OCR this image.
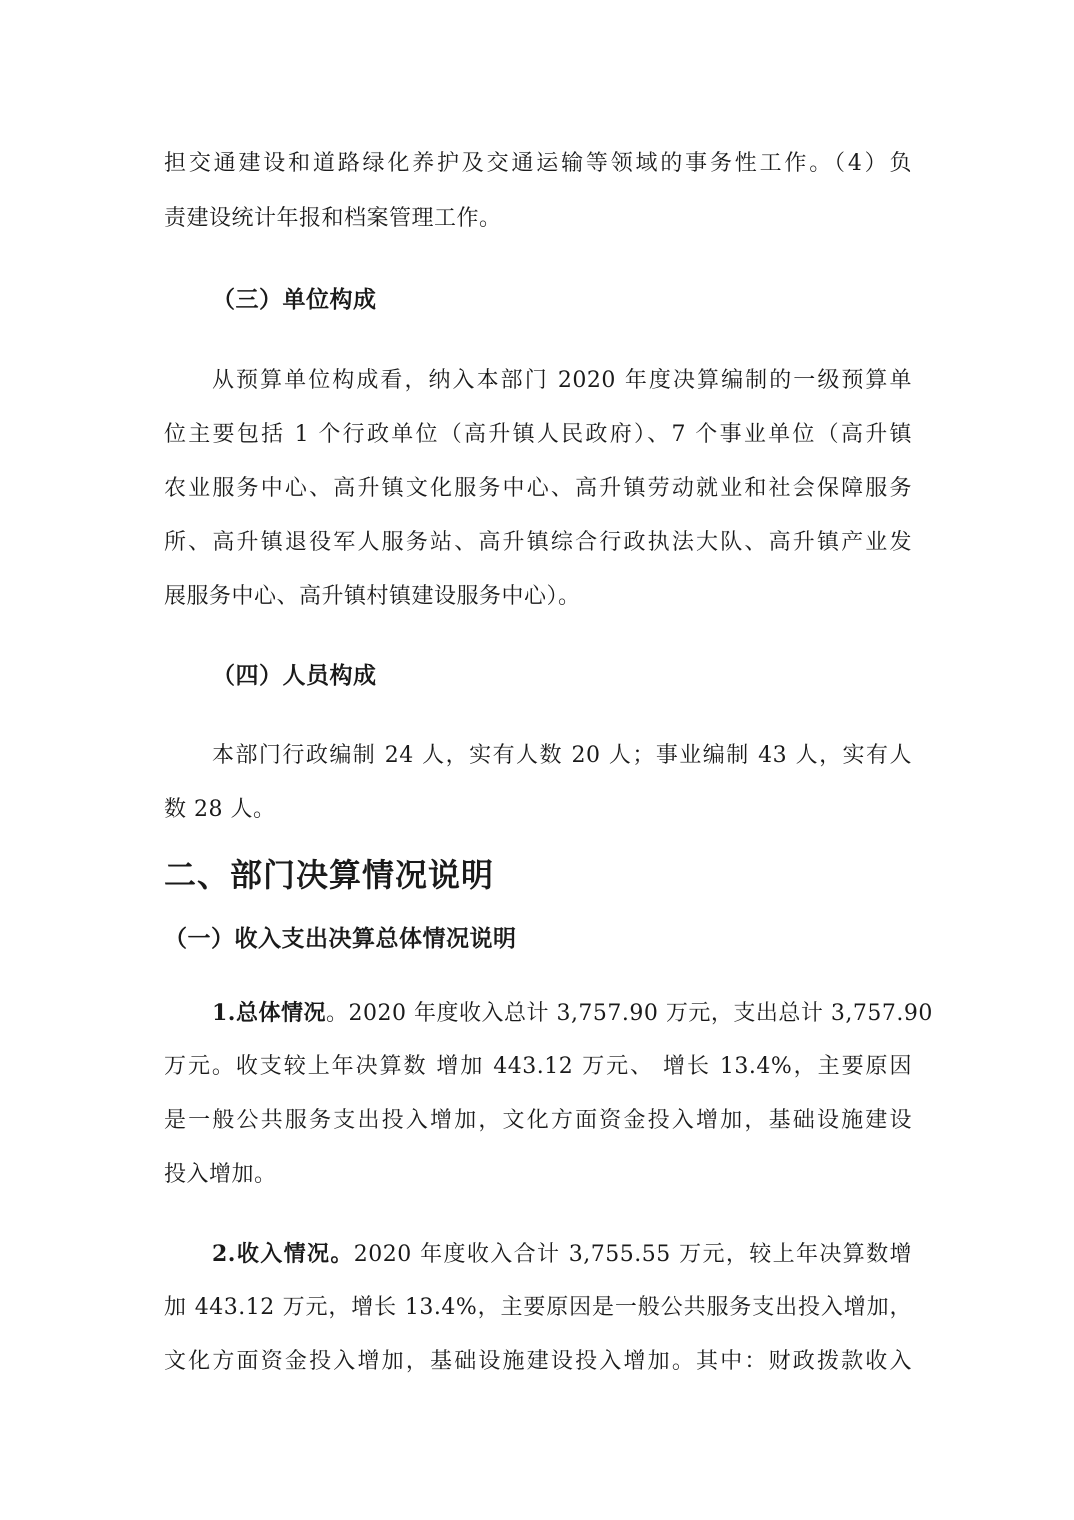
担交通建设和道路绿化养护及交通运输等领域的事务性工作。（4）负
责建设统计年报和档案管理工作。
（三）单位构成
从预算单位构成看，纳入本部门 2020 年度决算编制的一级预算单
位主要包括 1 个行政单位（高升镇人民政府）、7 个事业单位（高升镇
农业服务中心、高升镇文化服务中心、高升镇劳动就业和社会保障服务
所、高升镇退役军人服务站、高升镇综合行政执法大队、高升镇产业发
展服务中心、高升镇村镇建设服务中心）。
（四）人员构成
本部门行政编制 24 人，实有人数 20 人；事业编制 43 人，实有人
数 28 人。
二、部门决算情况说明
（一）收入支出决算总体情况说明
1.总体情况。2020 年度收入总计 3,757.90 万元，支出总计 3,757.90
万元。收支较上年决算数 增加 443.12 万元、 增长 13.4%，主要原因
是一般公共服务支出投入增加，文化方面资金投入增加，基础设施建设
投入增加。
2.收入情况。2020 年度收入合计 3,755.55 万元，较上年决算数增
加 443.12 万元，增长 13.4%，主要原因是一般公共服务支出投入增加，
文化方面资金投入增加，基础设施建设投入增加。其中：财政拨款收入
